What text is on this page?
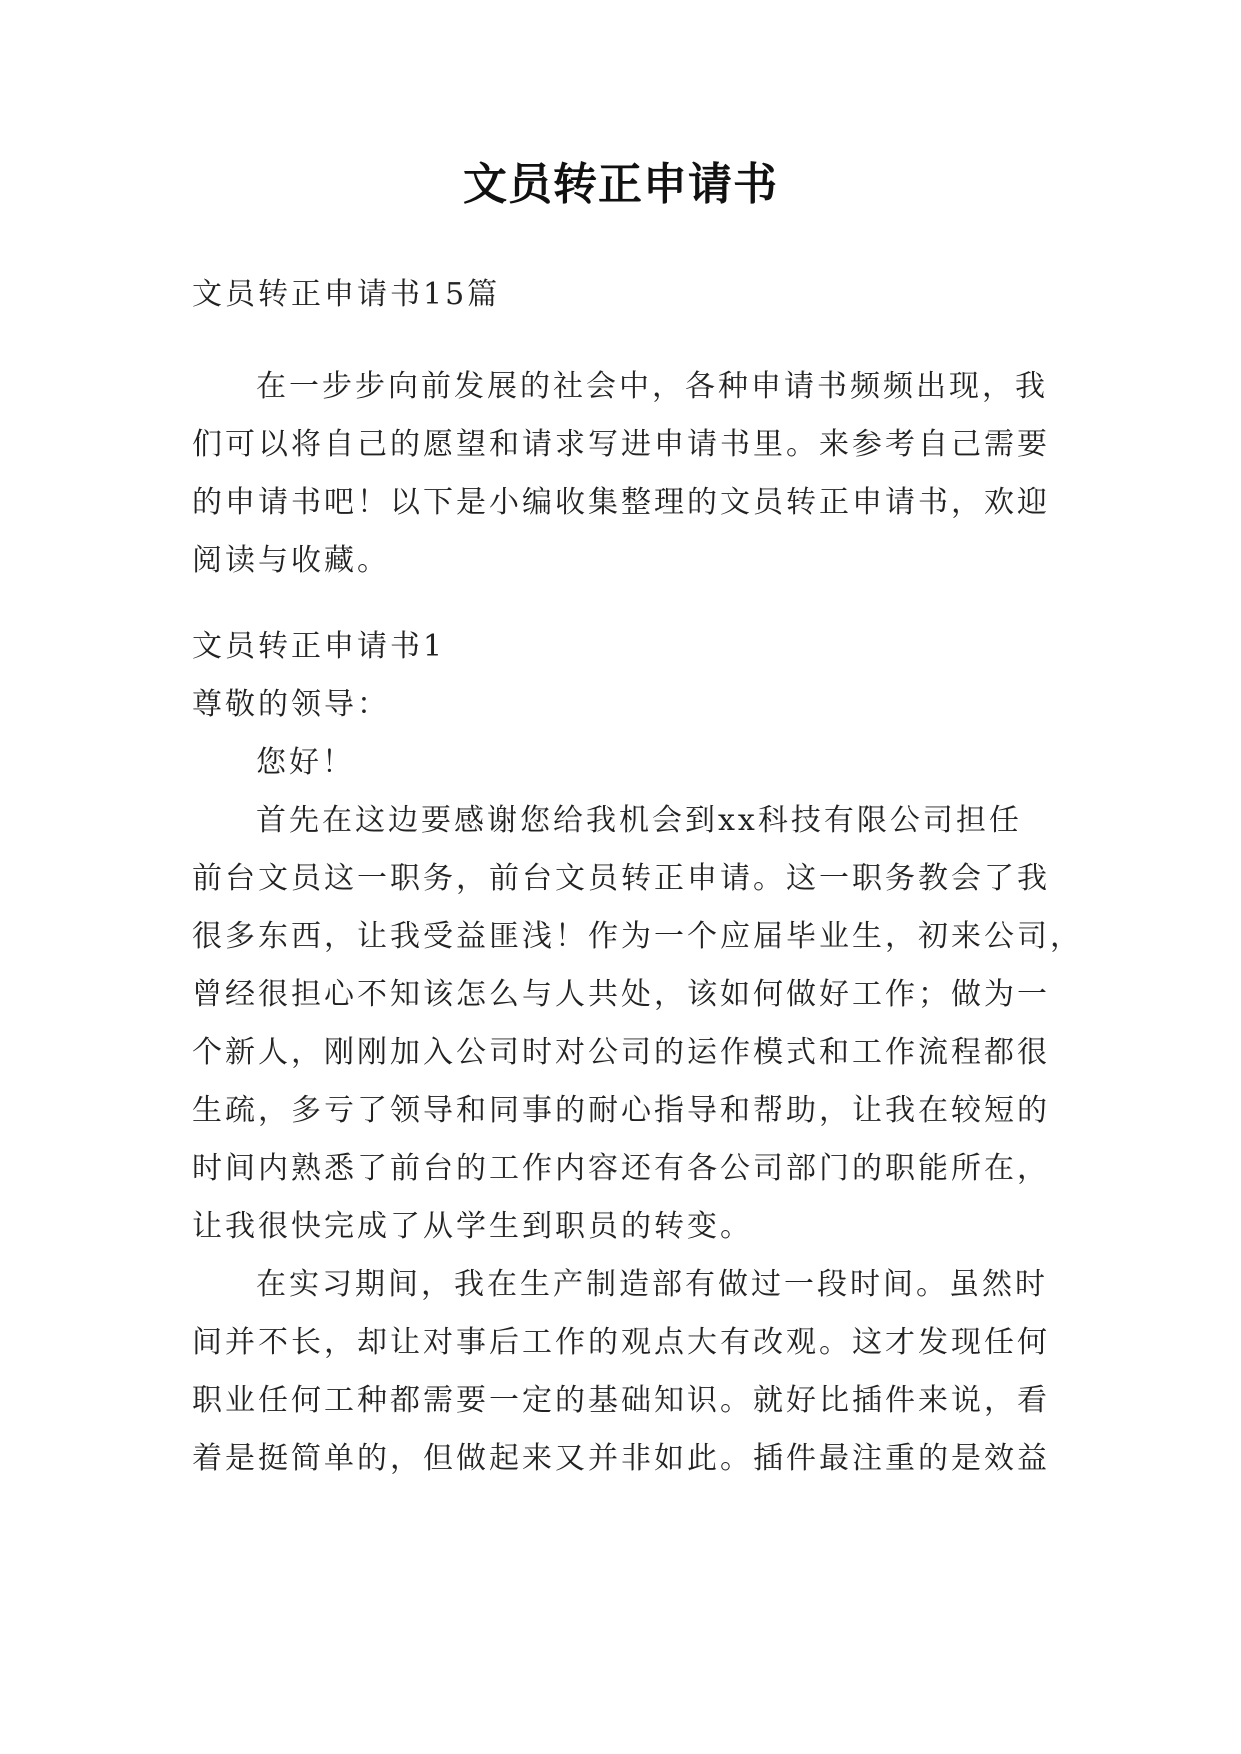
文员转正申请书
文员转正申请书15篇
在一步步向前发展的社会中，各种申请书频频出现，我
们可以将自己的愿望和请求写进申请书里。来参考自己需要
的申请书吧！以下是小编收集整理的文员转正申请书，欢迎
阅读与收藏。
文员转正申请书1
尊敬的领导：
您好！
首先在这边要感谢您给我机会到xx科技有限公司担任
前台文员这一职务，前台文员转正申请。这一职务教会了我
很多东西，让我受益匪浅！作为一个应届毕业生，初来公司，
曾经很担心不知该怎么与人共处，该如何做好工作；做为一
个新人，刚刚加入公司时对公司的运作模式和工作流程都很
生疏，多亏了领导和同事的耐心指导和帮助，让我在较短的
时间内熟悉了前台的工作内容还有各公司部门的职能所在，
让我很快完成了从学生到职员的转变。
在实习期间，我在生产制造部有做过一段时间。虽然时
间并不长，却让对事后工作的观点大有改观。这才发现任何
职业任何工种都需要一定的基础知识。就好比插件来说，看
着是挺简单的，但做起来又并非如此。插件最注重的是效益
